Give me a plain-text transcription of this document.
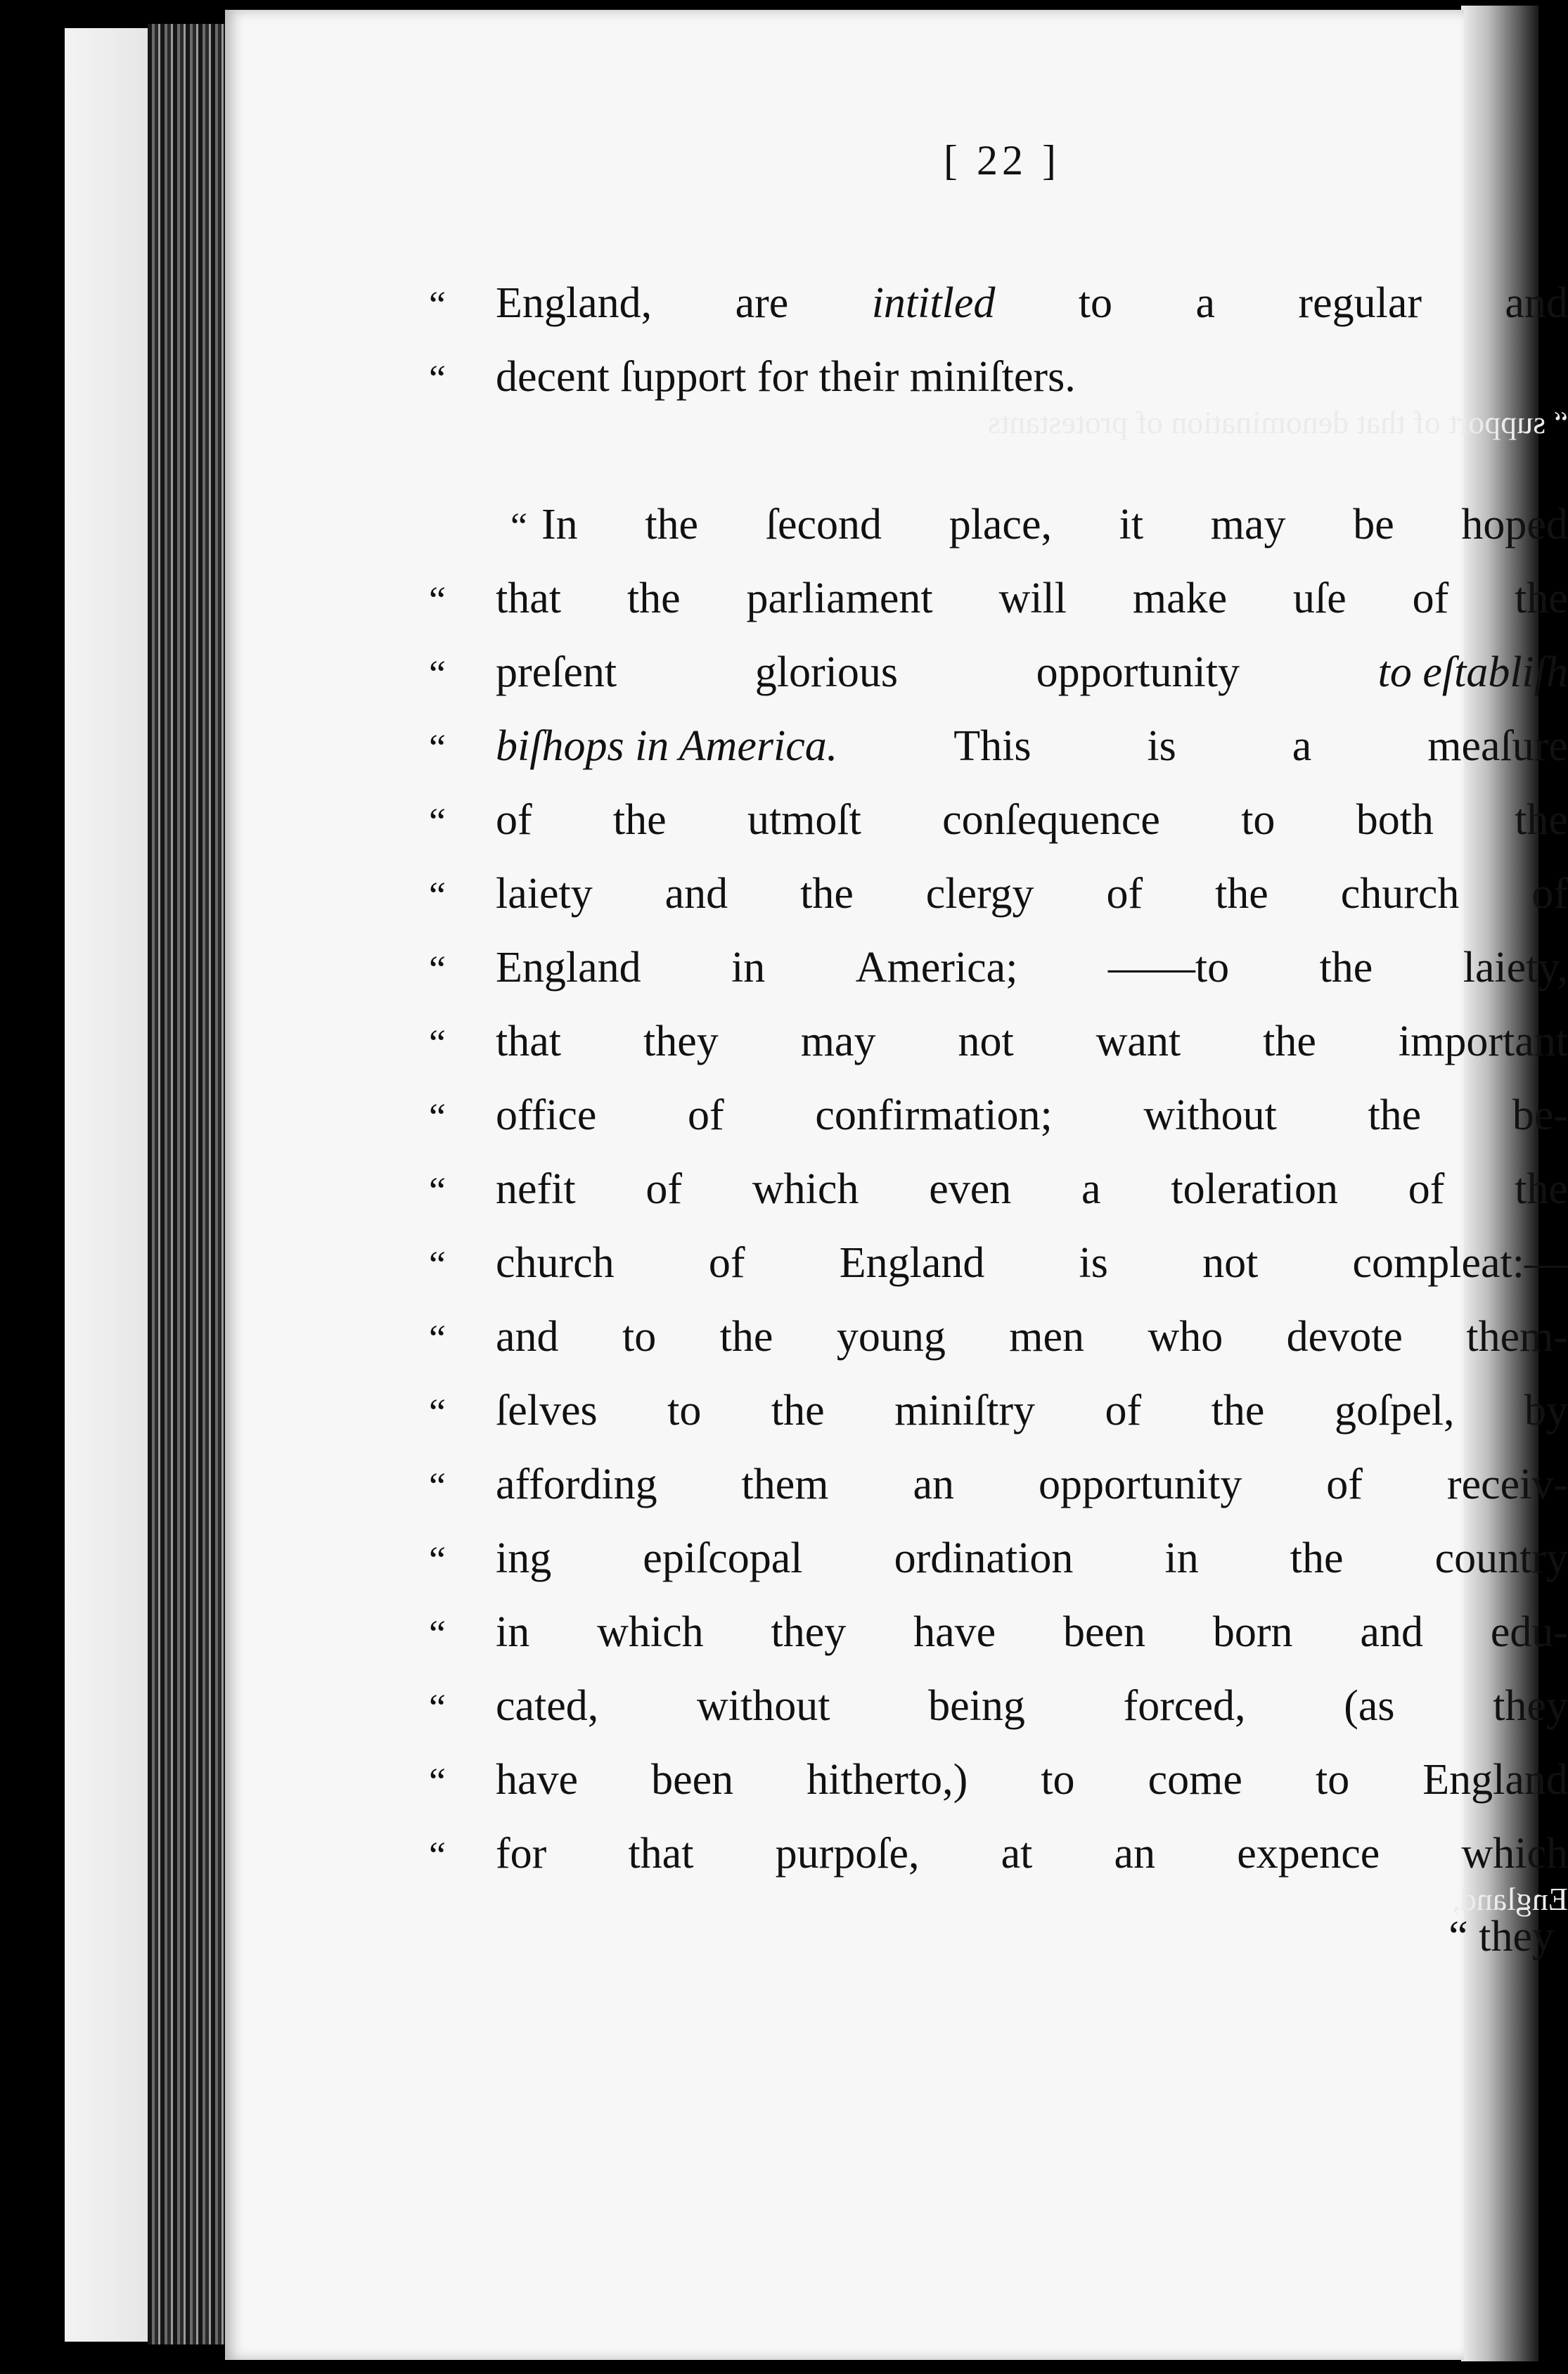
“ support of that denomination of protestants
England,
[ 22 ]
“ they
“	England, are intitled to a regular and
“	decent ſupport for their miniſters.
“ In the ſecond place, it may be hoped
“	that the parliament will make uſe of the
“	preſent	glorious	opportunity	to eſtabliſh
“	biſhops in America.	This	is	a	meaſure
“	of the utmoſt conſequence to both the
“	laiety and the clergy of the church of
“	England in America; ——to the laiety,
“	that they may not want the important
“	office of confirmation; without the be-
“	nefit of which even a toleration of the
“	church of England is not compleat:—
“	and to the young men who devote them-
“	ſelves to the miniſtry of the goſpel, by
“	affording them an opportunity of receiv-
“	ing epiſcopal ordination in the country
“	in which they have been born and edu-
“	cated, without being forced, (as they
“	have been hitherto,) to come to England
“	for that purpoſe, at an expence which
